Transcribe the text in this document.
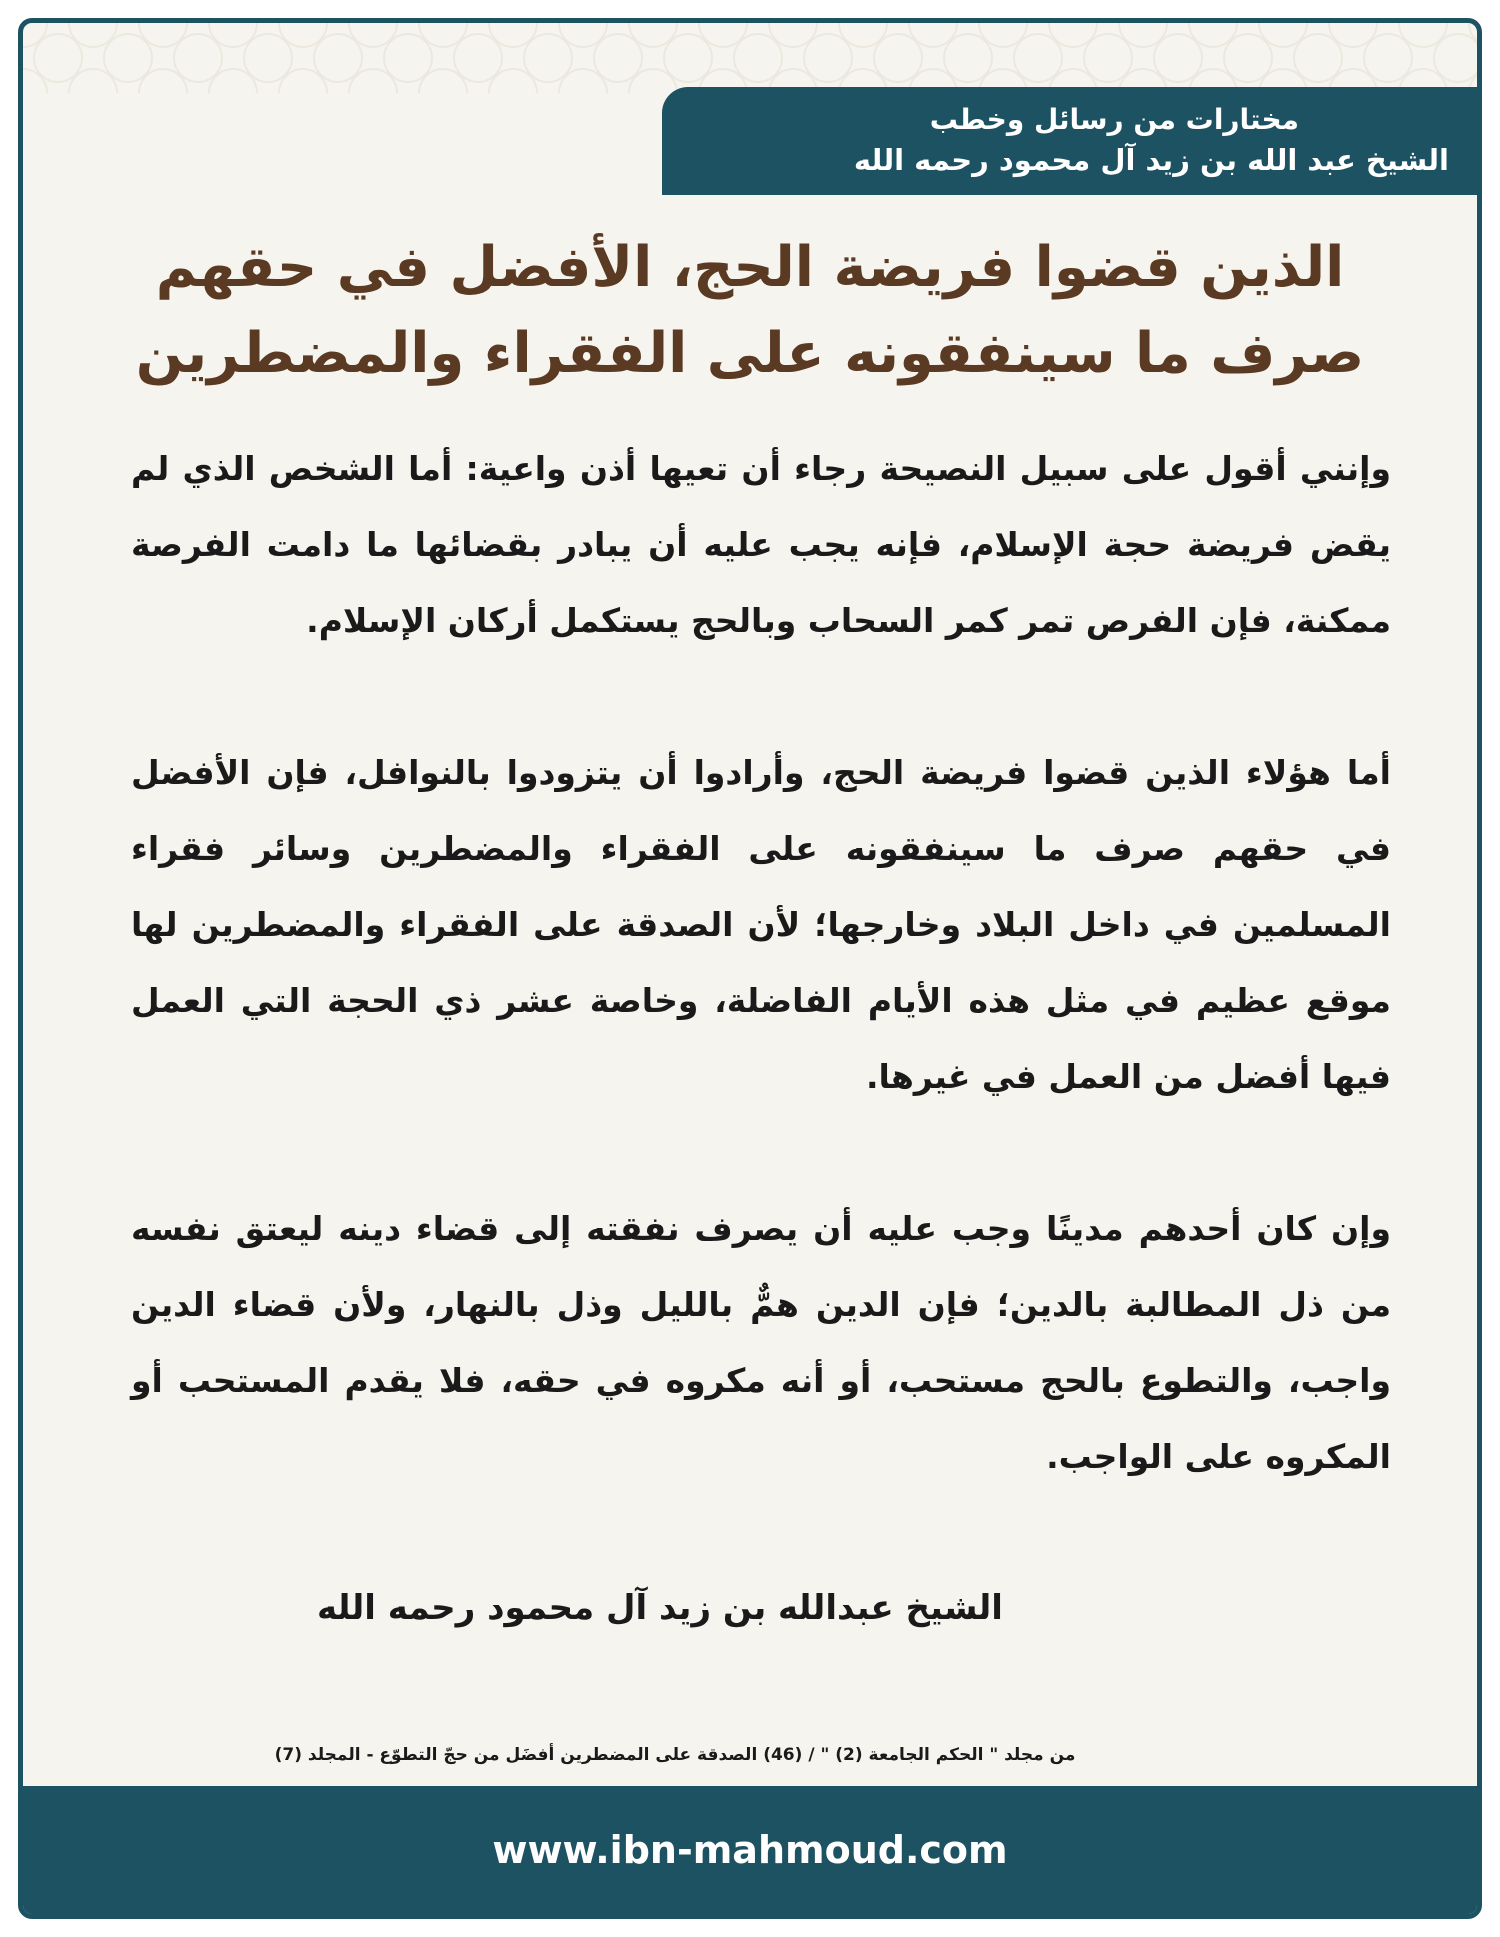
مختارات من رسائل وخطب
الشيخ عبد الله بن زيد آل محمود رحمه الله
الذين قضوا فريضة الحج، الأفضل في حقهم
صرف ما سينفقونه على الفقراء والمضطرين

وإنني أقول على سبيل النصيحة رجاء أن تعيها أذن واعية: أما الشخص الذي لم يقض فريضة حجة الإسلام، فإنه يجب عليه أن يبادر بقضائها ما دامت الفرصة ممكنة، فإن الفرص تمر كمر السحاب وبالحج يستكمل أركان الإسلام.

أما هؤلاء الذين قضوا فريضة الحج، وأرادوا أن يتزودوا بالنوافل، فإن الأفضل في حقهم صرف ما سينفقونه على الفقراء والمضطرين وسائر فقراء المسلمين في داخل البلاد وخارجها؛ لأن الصدقة على الفقراء والمضطرين لها موقع عظيم في مثل هذه الأيام الفاضلة، وخاصة عشر ذي الحجة التي العمل فيها أفضل من العمل في غيرها.

وإن كان أحدهم مدينًا وجب عليه أن يصرف نفقته إلى قضاء دينه ليعتق نفسه من ذل المطالبة بالدين؛ فإن الدين همٌّ بالليل وذل بالنهار، ولأن قضاء الدين واجب، والتطوع بالحج مستحب، أو أنه مكروه في حقه، فلا يقدم المستحب أو المكروه على الواجب.

الشيخ عبدالله بن زيد آل محمود رحمه الله
من مجلد " الحكم الجامعة (2) " / (46) الصدقة على المضطرين أفضَل من حجّ التطوّع - المجلد (7)
www.ibn-mahmoud.com
